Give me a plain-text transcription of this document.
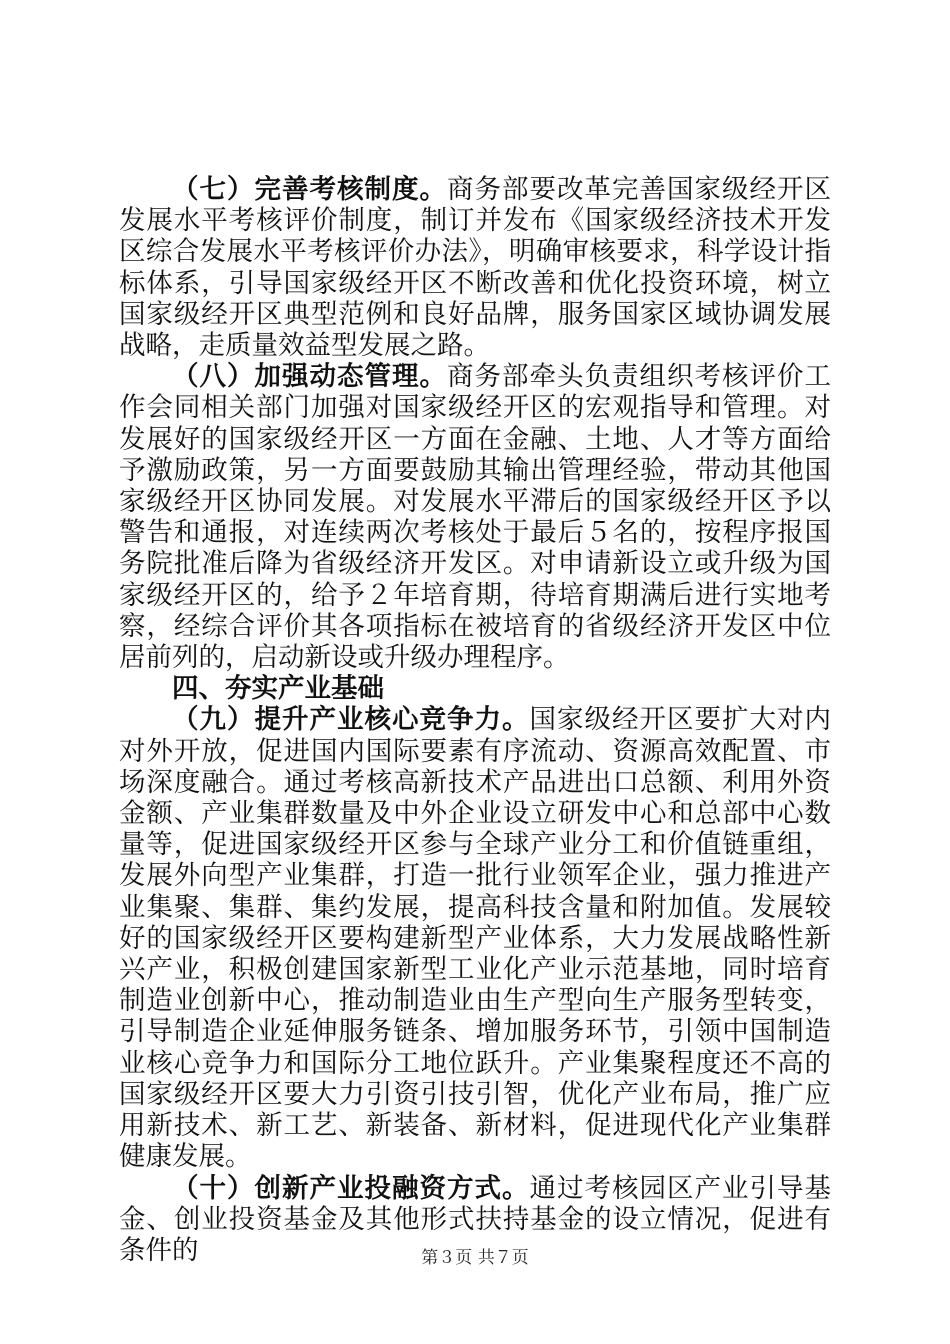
（七）完善考核制度。商务部要改革完善国家级经开区发展水平考核评价制度，制订并发布《国家级经济技术开发区综合发展水平考核评价办法》，明确审核要求，科学设计指标体系，引导国家级经开区不断改善和优化投资环境，树立国家级经开区典型范例和良好品牌，服务国家区域协调发展战略，走质量效益型发展之路。

（八）加强动态管理。商务部牵头负责组织考核评价工作会同相关部门加强对国家级经开区的宏观指导和管理。对发展好的国家级经开区一方面在金融、土地、人才等方面给予激励政策，另一方面要鼓励其输出管理经验，带动其他国家级经开区协同发展。对发展水平滞后的国家级经开区予以警告和通报，对连续两次考核处于最后５名的，按程序报国务院批准后降为省级经济开发区。对申请新设立或升级为国家级经开区的，给予２年培育期，待培育期满后进行实地考察，经综合评价其各项指标在被培育的省级经济开发区中位居前列的，启动新设或升级办理程序。

四、夯实产业基础

（九）提升产业核心竞争力。国家级经开区要扩大对内对外开放，促进国内国际要素有序流动、资源高效配置、市场深度融合。通过考核高新技术产品进出口总额、利用外资金额、产业集群数量及中外企业设立研发中心和总部中心数量等，促进国家级经开区参与全球产业分工和价值链重组，发展外向型产业集群，打造一批行业领军企业，强力推进产业集聚、集群、集约发展，提高科技含量和附加值。发展较好的国家级经开区要构建新型产业体系，大力发展战略性新兴产业，积极创建国家新型工业化产业示范基地，同时培育制造业创新中心，推动制造业由生产型向生产服务型转变，引导制造企业延伸服务链条、增加服务环节，引领中国制造业核心竞争力和国际分工地位跃升。产业集聚程度还不高的国家级经开区要大力引资引技引智，优化产业布局，推广应用新技术、新工艺、新装备、新材料，促进现代化产业集群健康发展。

（十）创新产业投融资方式。通过考核园区产业引导基金、创业投资基金及其他形式扶持基金的设立情况，促进有条件的	第３页 共７页
